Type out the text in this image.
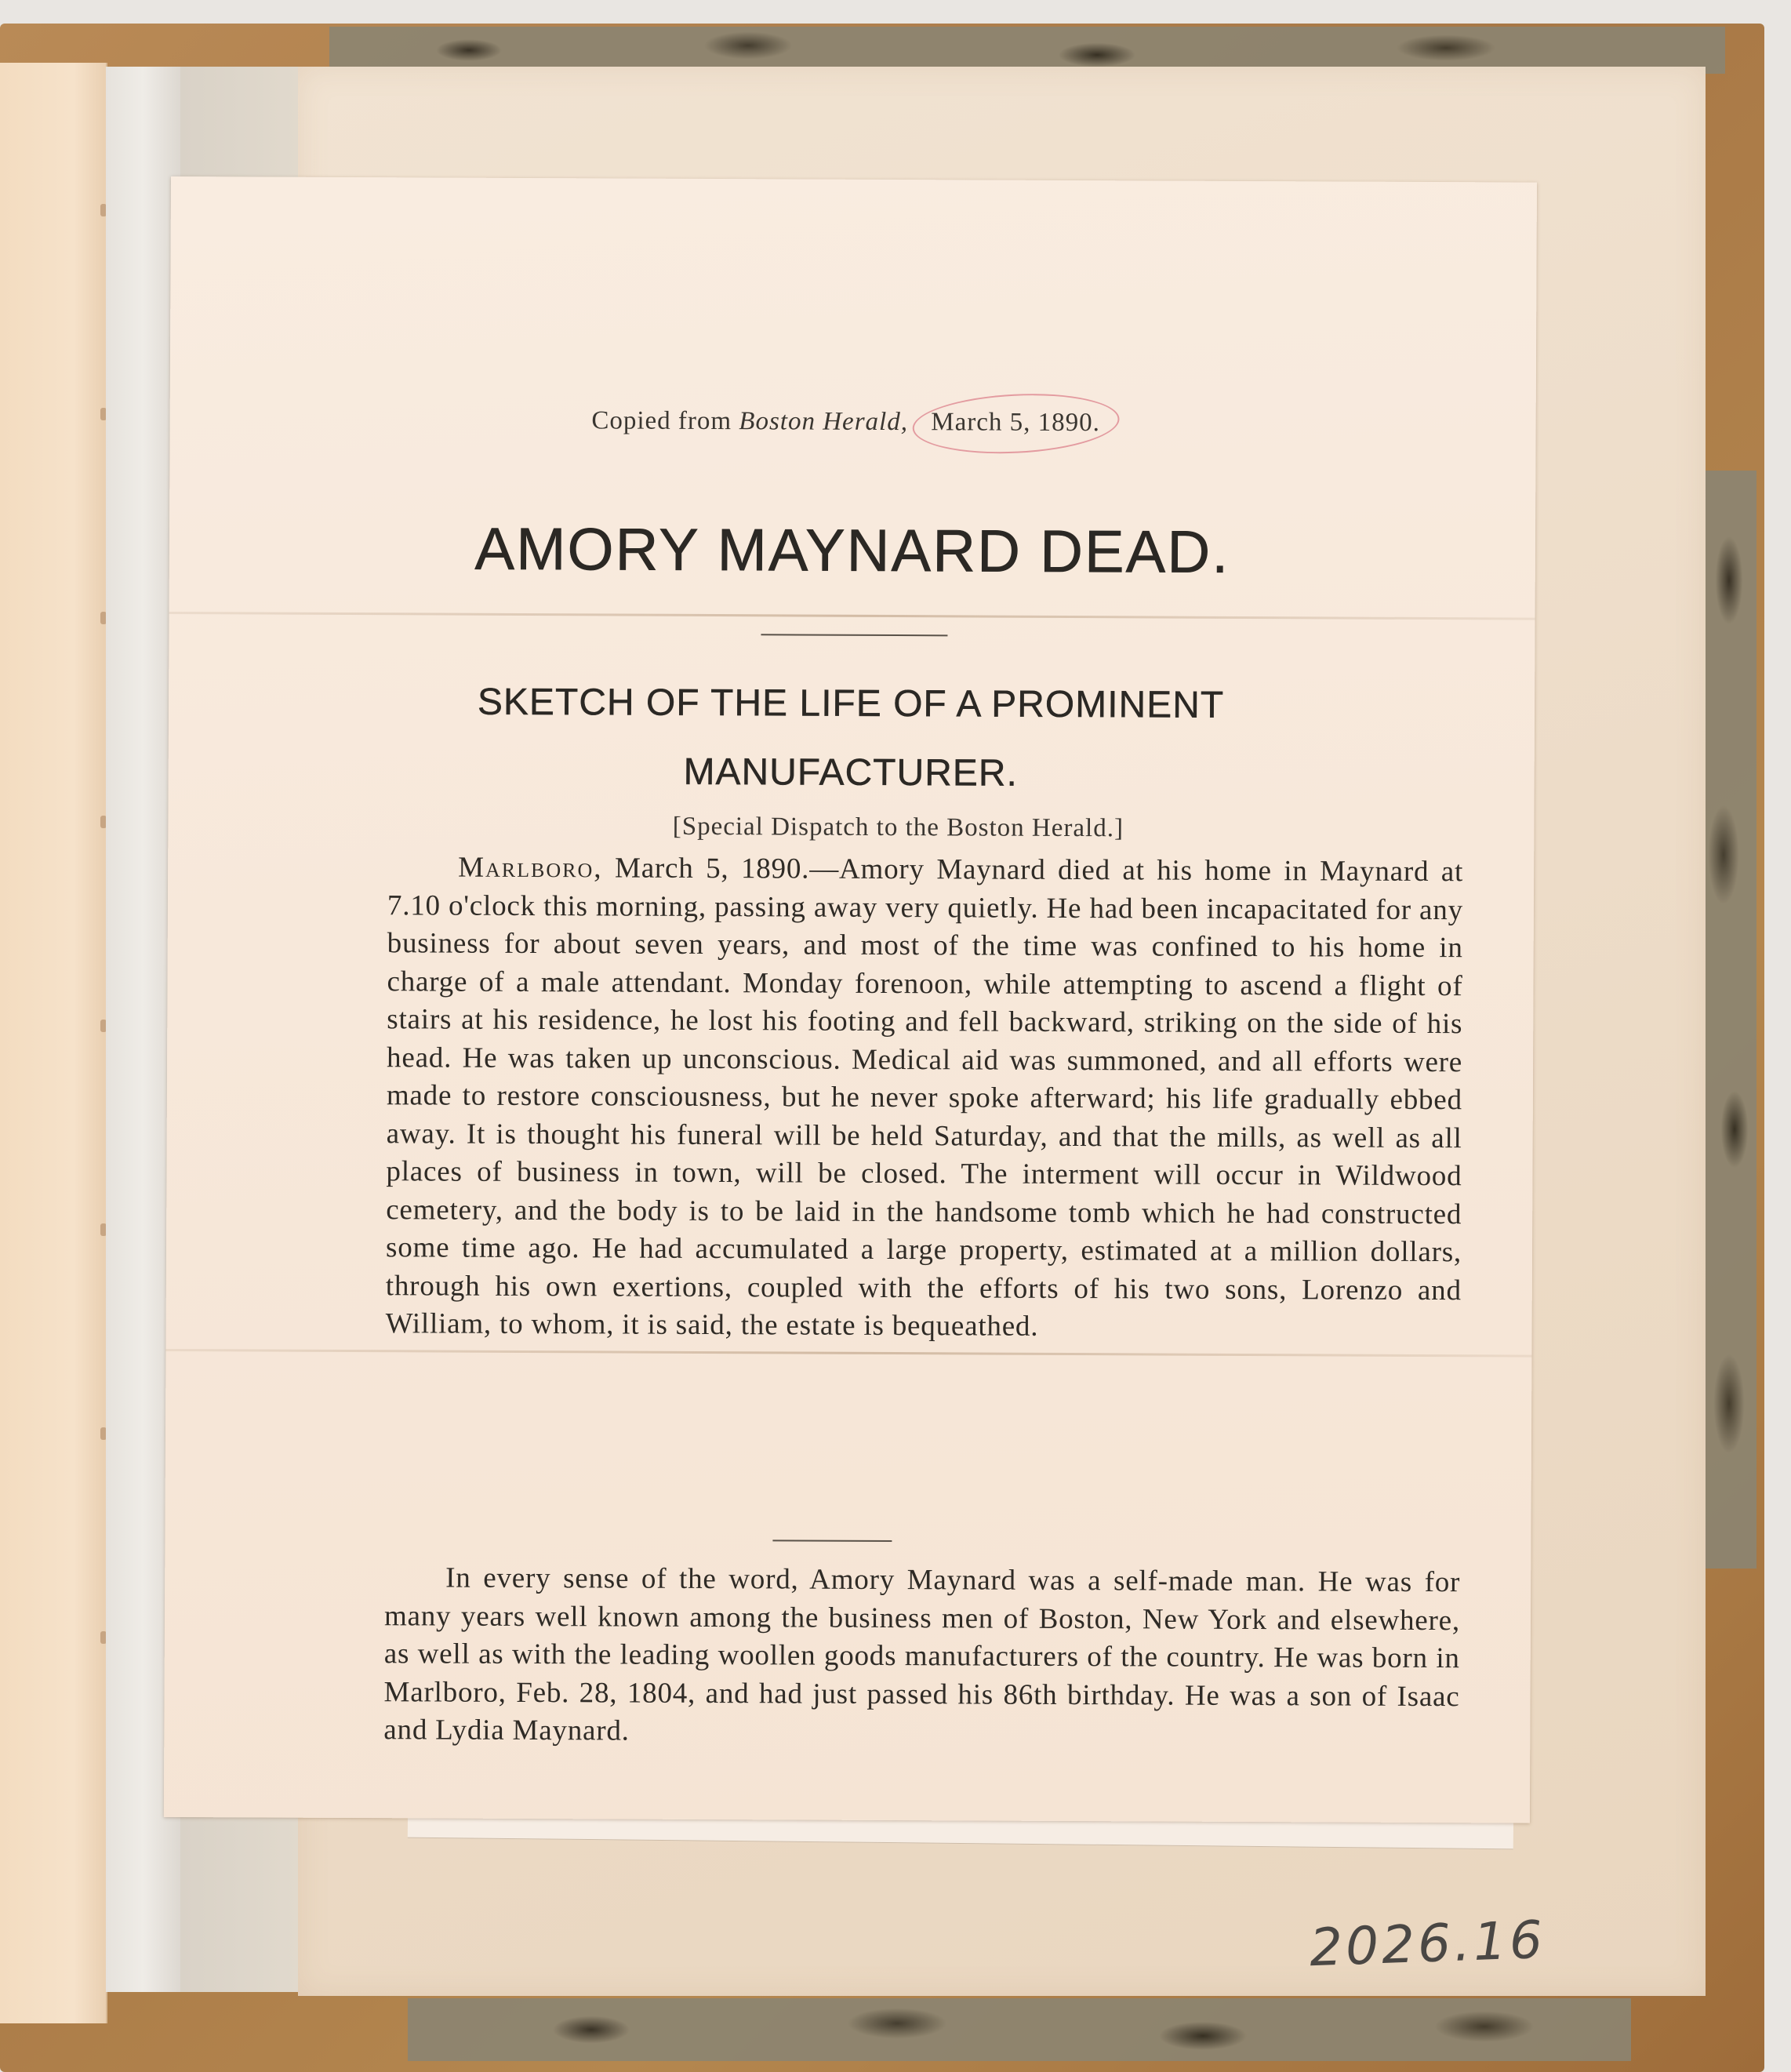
Copied from Boston Herald, March 5, 1890.
AMORY MAYNARD DEAD.
SKETCH OF THE LIFE OF A PROMINENT MANUFACTURER.
[Special Dispatch to the Boston Herald.]

Marlboro, March 5, 1890.—Amory Maynard died at his home in Maynard at 7.10 o'clock this morning, passing away very quietly. He had been incapacitated for any business for about seven years, and most of the time was confined to his home in charge of a male attendant. Monday forenoon, while attempting to ascend a flight of stairs at his residence, he lost his footing and fell backward, striking on the side of his head. He was taken up unconscious. Medical aid was summoned, and all efforts were made to restore consciousness, but he never spoke afterward; his life gradually ebbed away. It is thought his funeral will be held Saturday, and that the mills, as well as all places of business in town, will be closed. The interment will occur in Wildwood cemetery, and the body is to be laid in the handsome tomb which he had constructed some time ago. He had accumulated a large property, estimated at a million dollars, through his own exertions, coupled with the efforts of his two sons, Lorenzo and William, to whom, it is said, the estate is bequeathed.

In every sense of the word, Amory Maynard was a self-made man. He was for many years well known among the business men of Boston, New York and elsewhere, as well as with the leading woollen goods manufacturers of the country. He was born in Marlboro, Feb. 28, 1804, and had just passed his 86th birthday. He was a son of Isaac and Lydia Maynard.

2026.16
